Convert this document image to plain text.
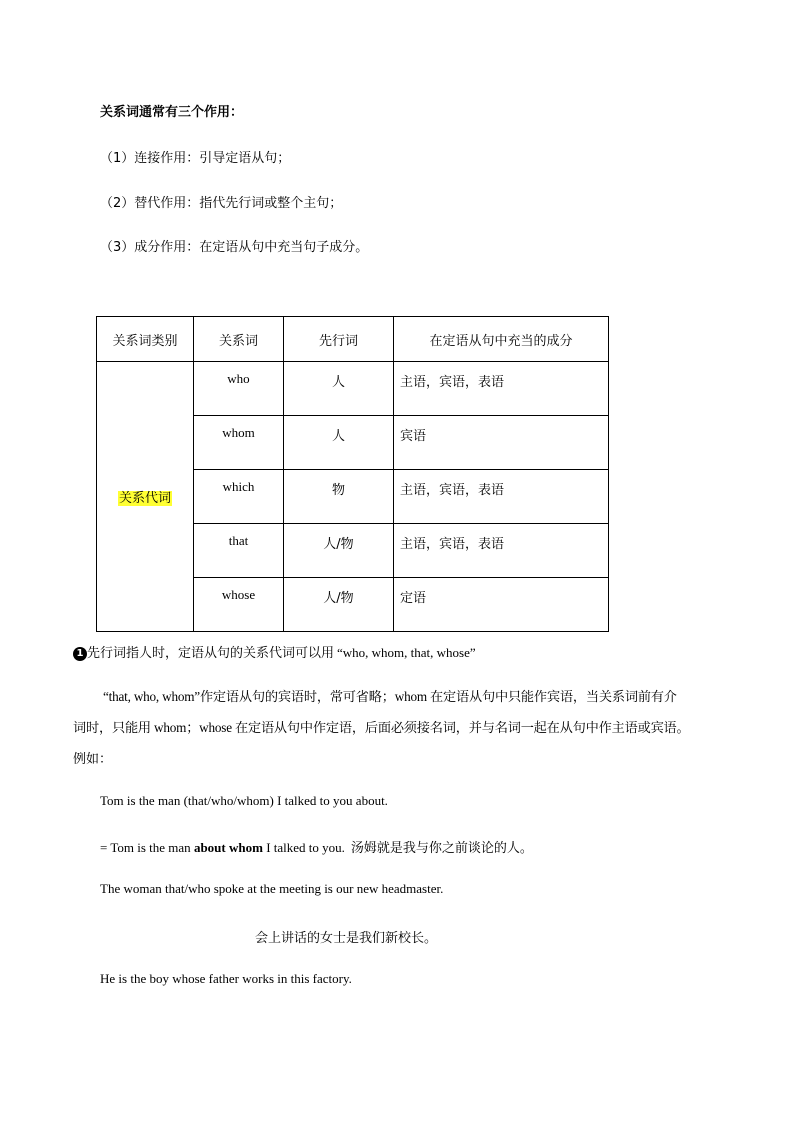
关系词通常有三个作用：
（1）连接作用：引导定语从句；
（2）替代作用：指代先行词或整个主句；
（3）成分作用：在定语从句中充当句子成分。
关系词类别	关系词	先行词	在定语从句中充当的成分
关系代词	who	人	主语，宾语，表语
	whom	人	宾语
	which	物	主语，宾语，表语
	that	人/物	主语，宾语，表语
	whose	人/物	定语
1 先行词指人时，定语从句的关系代词可以用 “who, whom, that, whose”
“that, who, whom”作定语从句的宾语时，常可省略；whom 在定语从句中只能作宾语，当关系词前有介
词时，只能用 whom；whose 在定语从句中作定语，后面必须接名词，并与名词一起在从句中作主语或宾语。
例如：
Tom is the man (that/who/whom) I talked to you about.
= Tom is the man about whom I talked to you. 汤姆就是我与你之前谈论的人。
The woman that/who spoke at the meeting is our new headmaster.
会上讲话的女士是我们新校长。
He is the boy whose father works in this factory.
